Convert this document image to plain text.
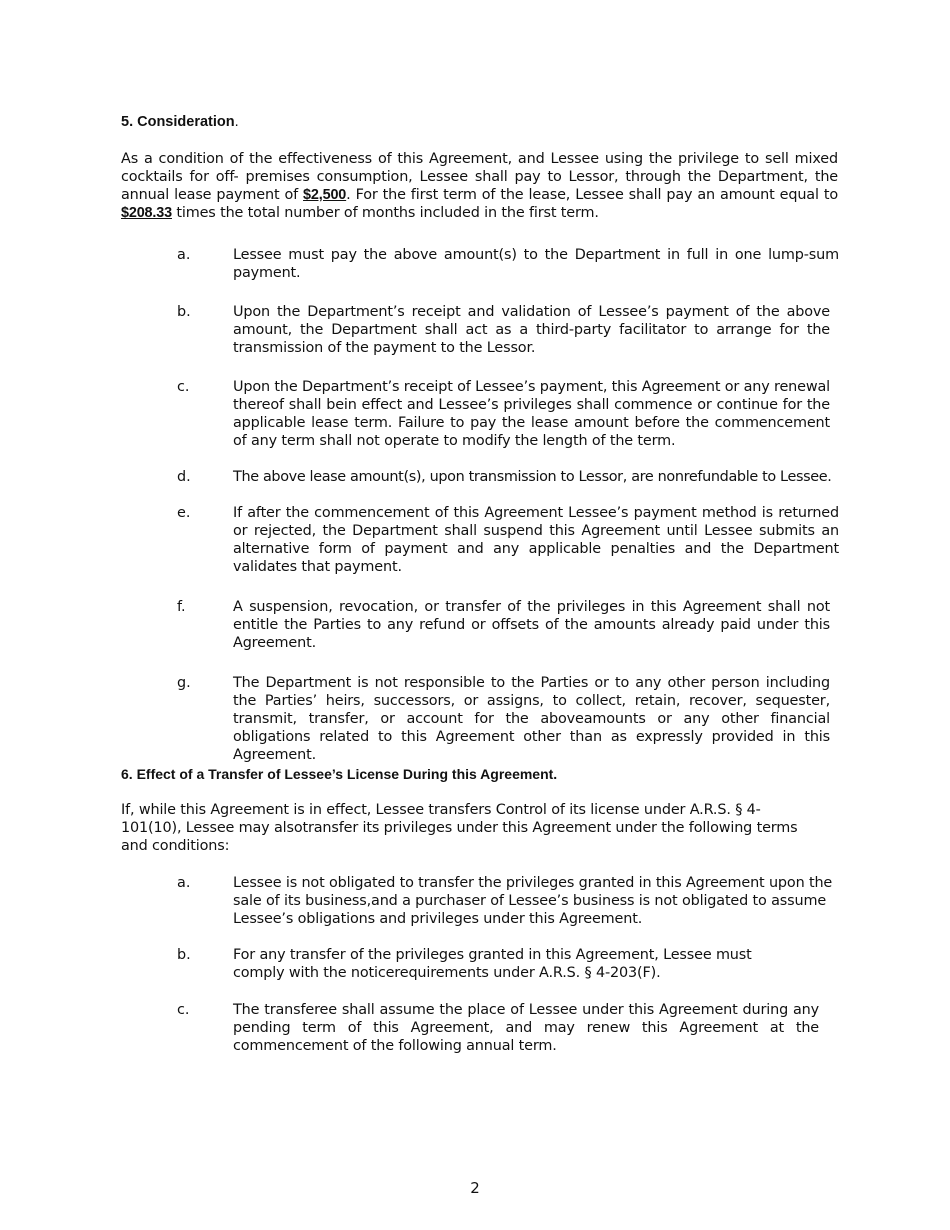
5. Consideration.
As a condition of the effectiveness of this Agreement, and Lessee using the privilege to sell mixed cocktails for off- premises consumption, Lessee shall pay to Lessor, through the Department, the annual lease payment of $2,500. For the first term of the lease, Lessee shall pay an amount equal to $208.33 times the total number of months included in the first term.
a.	Lessee must pay the above amount(s) to the Department in full in one lump-sum payment.
b.	Upon the Department’s receipt and validation of Lessee’s payment of the above amount, the Department shall act as a third-party facilitator to arrange for the transmission of the payment to the Lessor.
c.	Upon the Department’s receipt of Lessee’s payment, this Agreement or any renewal thereof shall bein effect and Lessee’s privileges shall commence or continue for the applicable lease term. Failure to pay the lease amount before the commencement of any term shall not operate to modify the length of the term.
d.	The above lease amount(s), upon transmission to Lessor, are nonrefundable to Lessee.
e.	If after the commencement of this Agreement Lessee’s payment method is returned or rejected, the Department shall suspend this Agreement until Lessee submits an alternative form of payment and any applicable penalties and the Department validates that payment.
f.	A suspension, revocation, or transfer of the privileges in this Agreement shall not entitle the Parties to any refund or offsets of the amounts already paid under this Agreement.
g.	The Department is not responsible to the Parties or to any other person including the Parties’ heirs, successors, or assigns, to collect, retain, recover, sequester, transmit, transfer, or account for the aboveamounts or any other financial obligations related to this Agreement other than as expressly provided in this Agreement.
6. Effect of a Transfer of Lessee’s License During this Agreement.
If, while this Agreement is in effect, Lessee transfers Control of its license under A.R.S. § 4-101(10), Lessee may alsotransfer its privileges under this Agreement under the following terms and conditions:
a.	Lessee is not obligated to transfer the privileges granted in this Agreement upon the sale of its business,and a purchaser of Lessee’s business is not obligated to assume Lessee’s obligations and privileges under this Agreement.
b.	For any transfer of the privileges granted in this Agreement, Lessee must comply with the noticerequirements under A.R.S. § 4-203(F).
c.	The transferee shall assume the place of Lessee under this Agreement during any pending term of this Agreement, and may renew this Agreement at the commencement of the following annual term.
2
